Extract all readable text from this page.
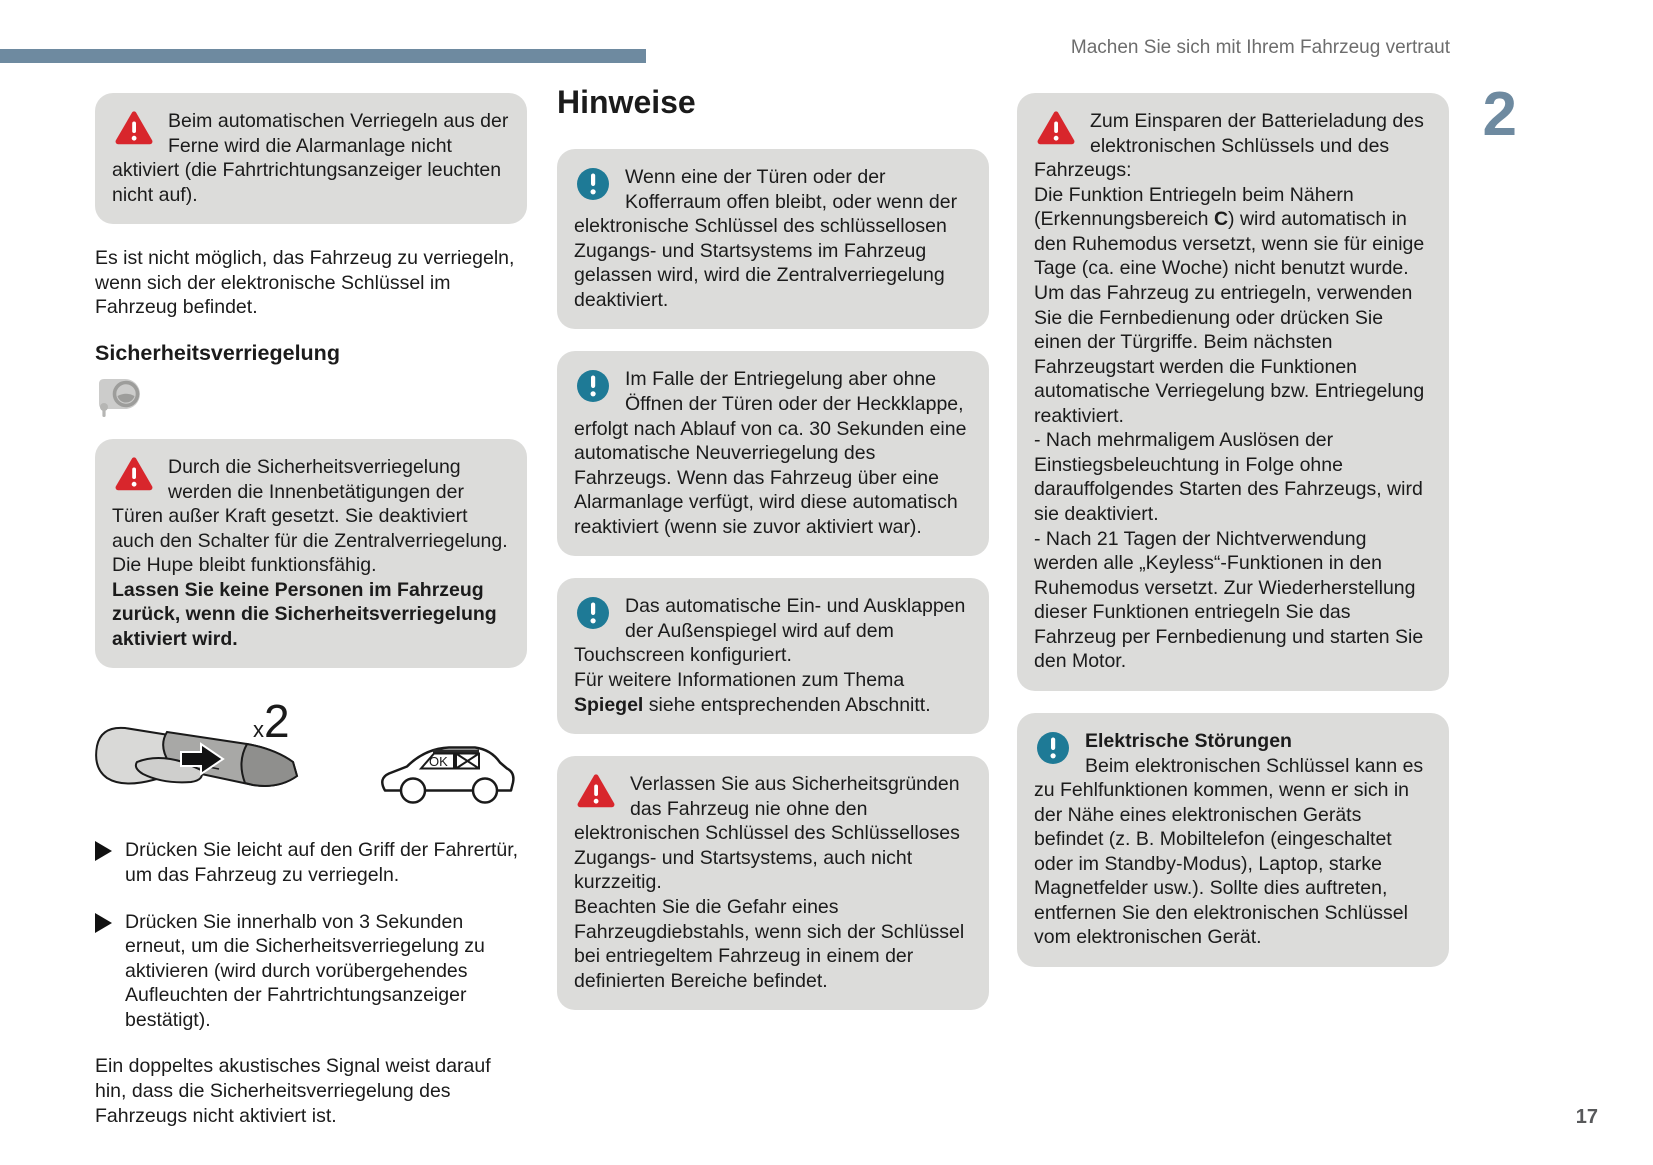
Machen Sie sich mit Ihrem Fahrzeug vertraut
2
Beim automatischen Verriegeln aus der Ferne wird die Alarmanlage nicht aktiviert (die Fahrtrichtungsanzeiger leuchten nicht auf).

Es ist nicht möglich, das Fahrzeug zu verriegeln, wenn sich der elektronische Schlüssel im Fahrzeug befindet.

Sicherheitsverriegelung
Durch die Sicherheitsverriegelung werden die Innenbetätigungen der Türen außer Kraft gesetzt. Sie deaktiviert auch den Schalter für die Zentralverriegelung.
Die Hupe bleibt funktionsfähig.
Lassen Sie keine Personen im Fahrzeug zurück, wenn die Sicherheitsverriegelung aktiviert wird.
x 2
OK
Drücken Sie leicht auf den Griff der Fahrertür, um das Fahrzeug zu verriegeln.
Drücken Sie innerhalb von 3 Sekunden erneut, um die Sicherheitsverriegelung zu aktivieren (wird durch vorübergehendes Aufleuchten der Fahrtrichtungsanzeiger bestätigt).

Ein doppeltes akustisches Signal weist darauf hin, dass die Sicherheitsverriegelung des Fahrzeugs nicht aktiviert ist.

Hinweise
Wenn eine der Türen oder der Kofferraum offen bleibt, oder wenn der elektronische Schlüssel des schlüssellosen Zugangs- und Startsystems im Fahrzeug gelassen wird, wird die Zentralverriegelung deaktiviert.
Im Falle der Entriegelung aber ohne Öffnen der Türen oder der Heckklappe, erfolgt nach Ablauf von ca. 30 Sekunden eine automatische Neuverriegelung des Fahrzeugs. Wenn das Fahrzeug über eine Alarmanlage verfügt, wird diese automatisch reaktiviert (wenn sie zuvor aktiviert war).
Das automatische Ein- und Ausklappen der Außenspiegel wird auf dem Touchscreen konfiguriert.
Für weitere Informationen zum Thema Spiegel siehe entsprechenden Abschnitt.
Verlassen Sie aus Sicherheitsgründen das Fahrzeug nie ohne den elektronischen Schlüssel des Schlüsselloses Zugangs- und Startsystems, auch nicht kurzzeitig.
Beachten Sie die Gefahr eines Fahrzeugdiebstahls, wenn sich der Schlüssel bei entriegeltem Fahrzeug in einem der definierten Bereiche befindet.
Zum Einsparen der Batterieladung des elektronischen Schlüssels und des Fahrzeugs:
Die Funktion Entriegeln beim Nähern (Erkennungsbereich C) wird automatisch in den Ruhemodus versetzt, wenn sie für einige Tage (ca. eine Woche) nicht benutzt wurde. Um das Fahrzeug zu entriegeln, verwenden Sie die Fernbedienung oder drücken Sie einen der Türgriffe. Beim nächsten Fahrzeugstart werden die Funktionen automatische Verriegelung bzw. Entriegelung reaktiviert.
- Nach mehrmaligem Auslösen der Einstiegsbeleuchtung in Folge ohne darauffolgendes Starten des Fahrzeugs, wird sie deaktiviert.
- Nach 21 Tagen der Nichtverwendung werden alle „Keyless“-Funktionen in den Ruhemodus versetzt. Zur Wiederherstellung dieser Funktionen entriegeln Sie das Fahrzeug per Fernbedienung und starten Sie den Motor.
Elektrische Störungen
Beim elektronischen Schlüssel kann es zu Fehlfunktionen kommen, wenn er sich in der Nähe eines elektronischen Geräts befindet (z. B. Mobiltelefon (eingeschaltet oder im Standby-Modus), Laptop, starke Magnetfelder usw.). Sollte dies auftreten, entfernen Sie den elektronischen Schlüssel vom elektronischen Gerät.
17
